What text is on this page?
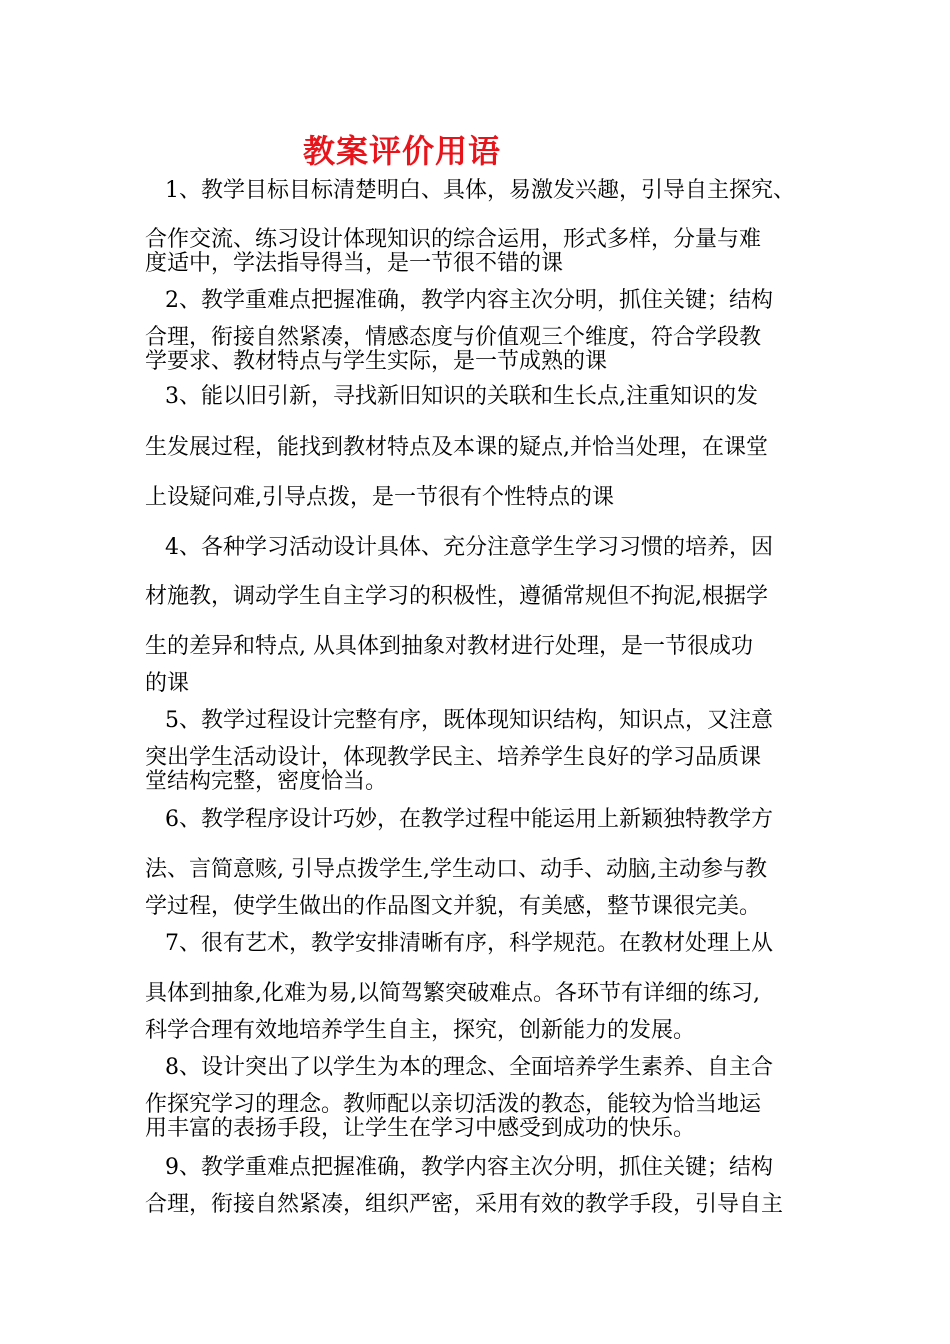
教案评价用语
1、教学目标目标清楚明白、具体，易激发兴趣，引导自主探究、
合作交流、练习设计体现知识的综合运用，形式多样，分量与难
度适中，学法指导得当，是一节很不错的课
2、教学重难点把握准确，教学内容主次分明，抓住关键；结构
合理，衔接自然紧凑，情感态度与价值观三个维度，符合学段教
学要求、教材特点与学生实际，是一节成熟的课
3、能以旧引新，寻找新旧知识的关联和生长点,注重知识的发
生发展过程，能找到教材特点及本课的疑点,并恰当处理，在课堂
上设疑问难,引导点拨，是一节很有个性特点的课
4、各种学习活动设计具体、充分注意学生学习习惯的培养，因
材施教，调动学生自主学习的积极性，遵循常规但不拘泥,根据学
生的差异和特点, 从具体到抽象对教材进行处理，是一节很成功
的课
5、教学过程设计完整有序，既体现知识结构，知识点，又注意
突出学生活动设计，体现教学民主、培养学生良好的学习品质课
堂结构完整，密度恰当。
6、教学程序设计巧妙，在教学过程中能运用上新颖独特教学方
法、言简意赅, 引导点拨学生,学生动口、动手、动脑,主动参与教
学过程，使学生做出的作品图文并貌，有美感，整节课很完美。
7、很有艺术，教学安排清晰有序，科学规范。在教材处理上从
具体到抽象,化难为易,以简驾繁突破难点。各环节有详细的练习,
科学合理有效地培养学生自主，探究，创新能力的发展。
8、设计突出了以学生为本的理念、全面培养学生素养、自主合
作探究学习的理念。教师配以亲切活泼的教态，能较为恰当地运
用丰富的表扬手段，让学生在学习中感受到成功的快乐。
9、教学重难点把握准确，教学内容主次分明，抓住关键；结构
合理，衔接自然紧凑，组织严密，采用有效的教学手段，引导自主
